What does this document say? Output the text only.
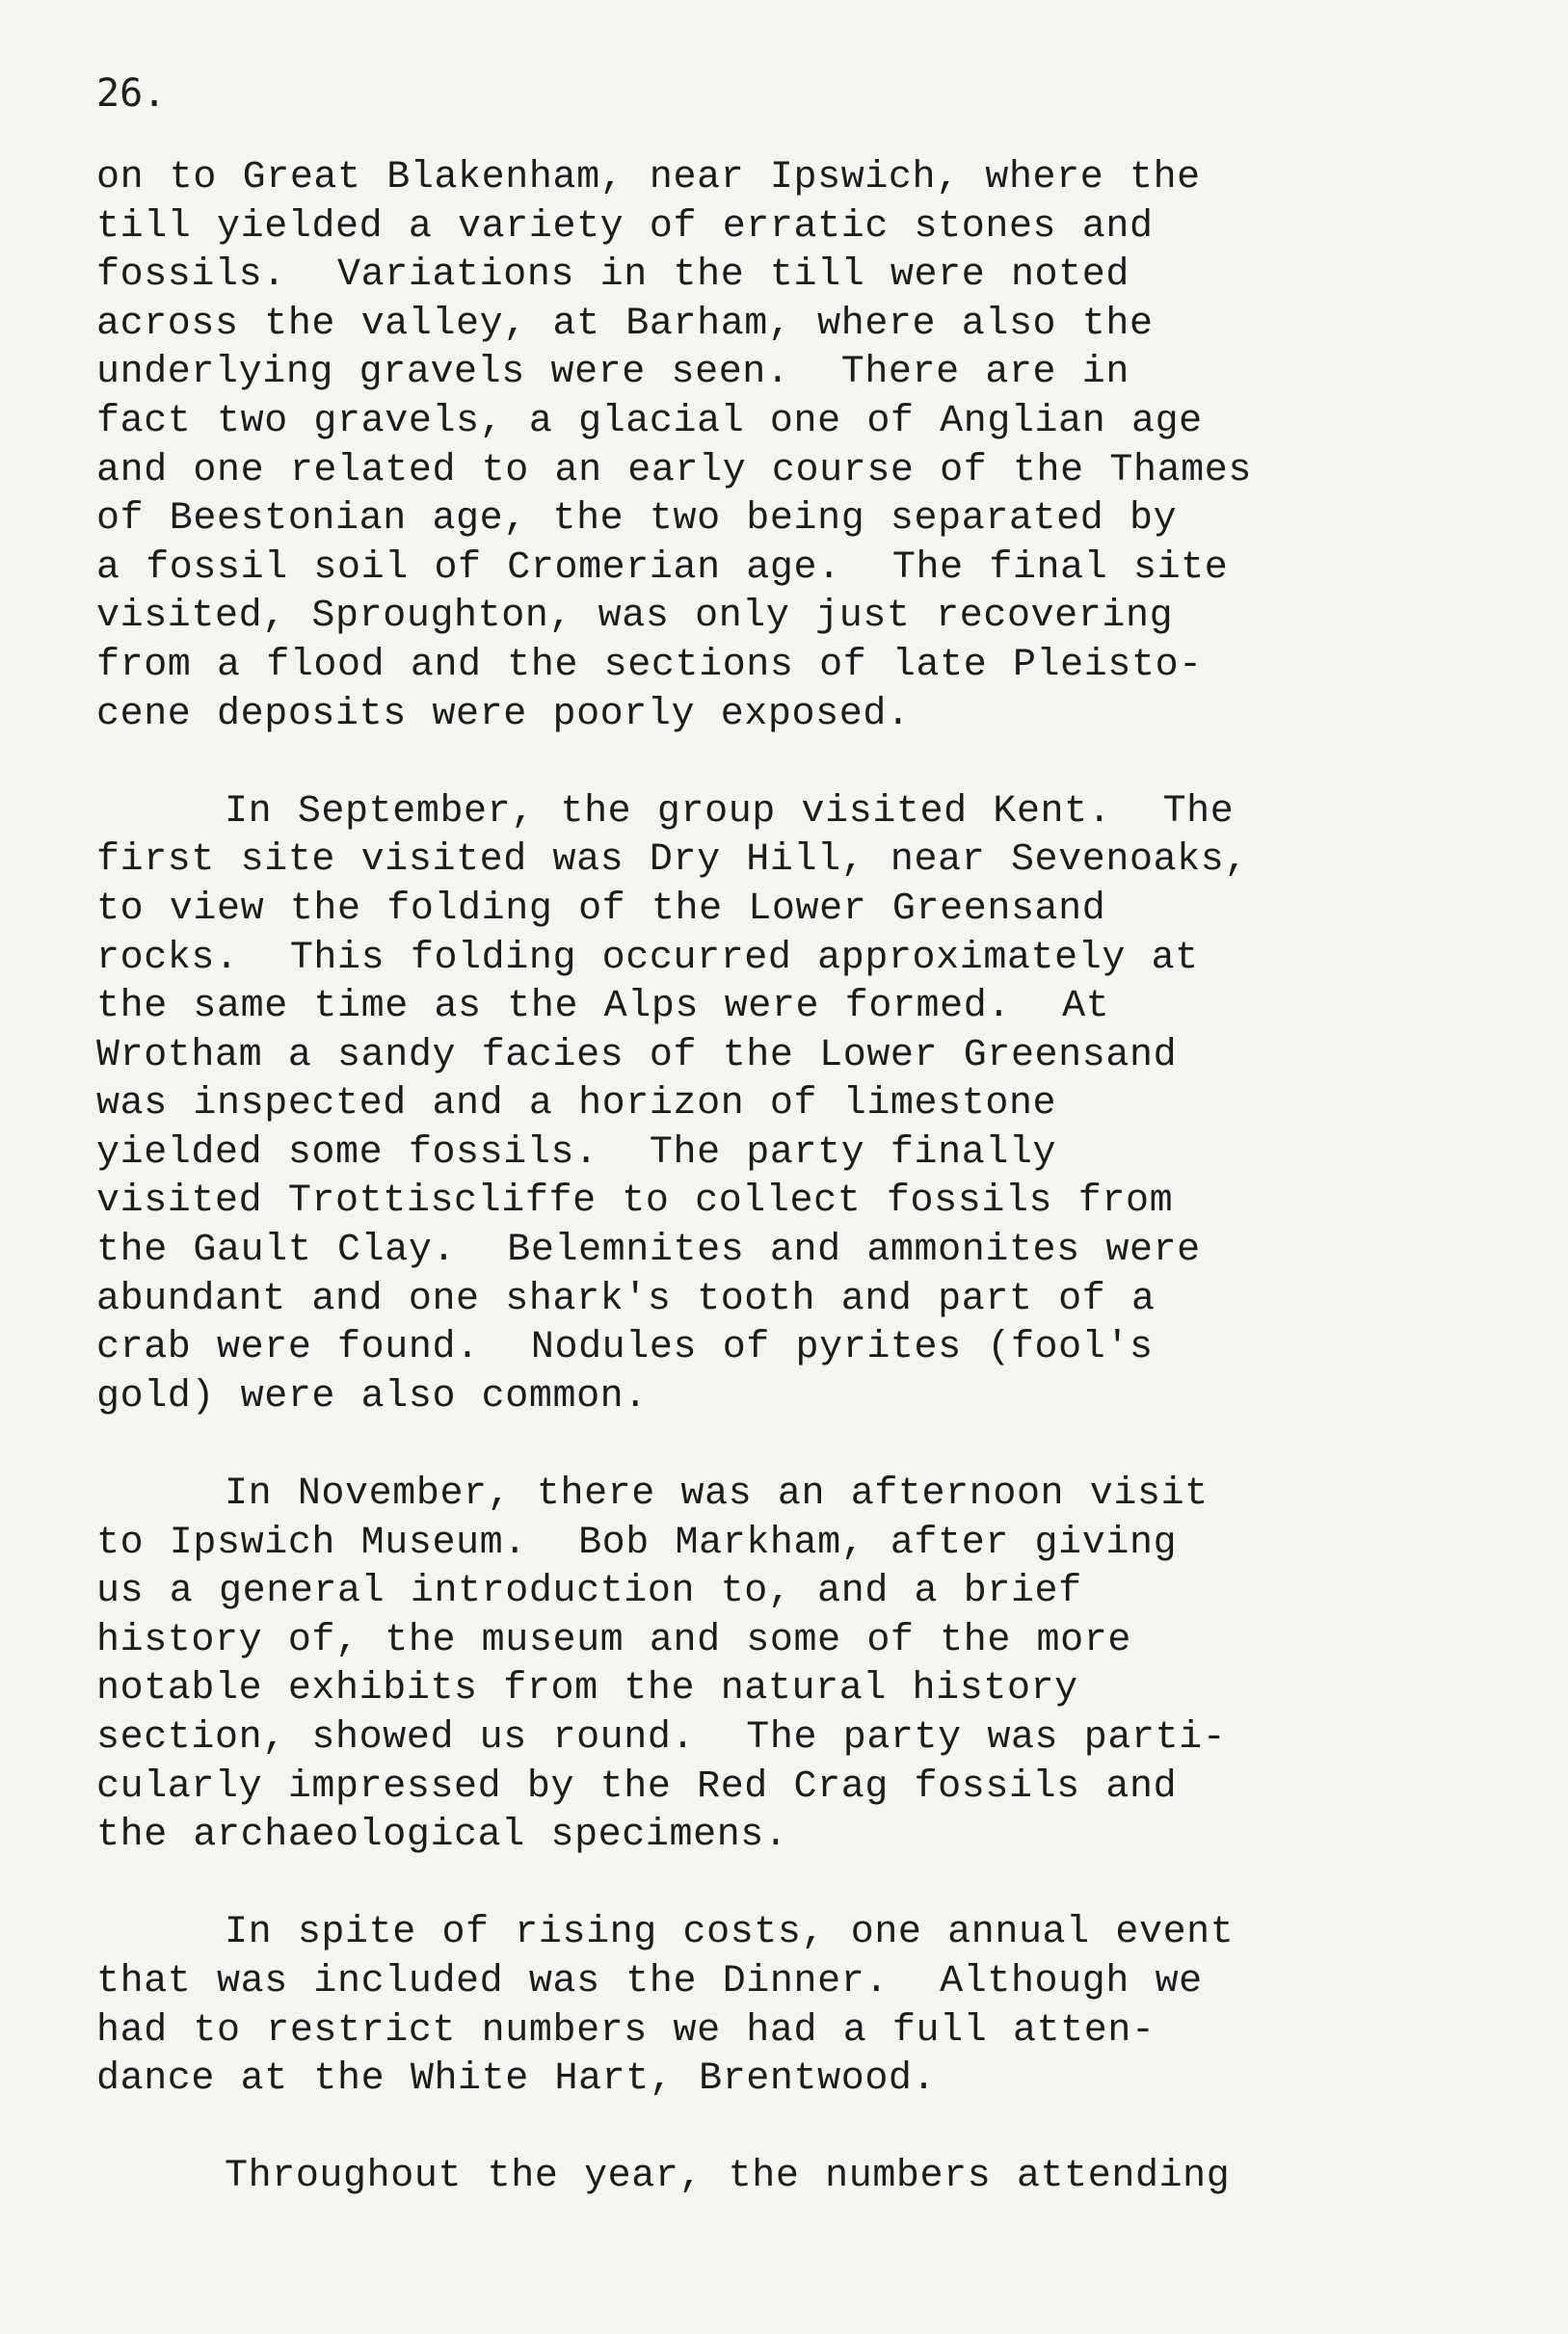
26.

on to Great Blakenham, near Ipswich, where the
till yielded a variety of erratic stones and
fossils.  Variations in the till were noted
across the valley, at Barham, where also the
underlying gravels were seen.  There are in
fact two gravels, a glacial one of Anglian age
and one related to an early course of the Thames
of Beestonian age, the two being separated by
a fossil soil of Cromerian age.  The final site
visited, Sproughton, was only just recovering
from a flood and the sections of late Pleisto-
cene deposits were poorly exposed.

In September, the group visited Kent.  The
first site visited was Dry Hill, near Sevenoaks,
to view the folding of the Lower Greensand
rocks.  This folding occurred approximately at
the same time as the Alps were formed.  At
Wrotham a sandy facies of the Lower Greensand
was inspected and a horizon of limestone
yielded some fossils.  The party finally
visited Trottiscliffe to collect fossils from
the Gault Clay.  Belemnites and ammonites were
abundant and one shark's tooth and part of a
crab were found.  Nodules of pyrites (fool's
gold) were also common.

In November, there was an afternoon visit
to Ipswich Museum.  Bob Markham, after giving
us a general introduction to, and a brief
history of, the museum and some of the more
notable exhibits from the natural history
section, showed us round.  The party was parti-
cularly impressed by the Red Crag fossils and
the archaeological specimens.

In spite of rising costs, one annual event
that was included was the Dinner.  Although we
had to restrict numbers we had a full atten-
dance at the White Hart, Brentwood.

Throughout the year, the numbers attending
